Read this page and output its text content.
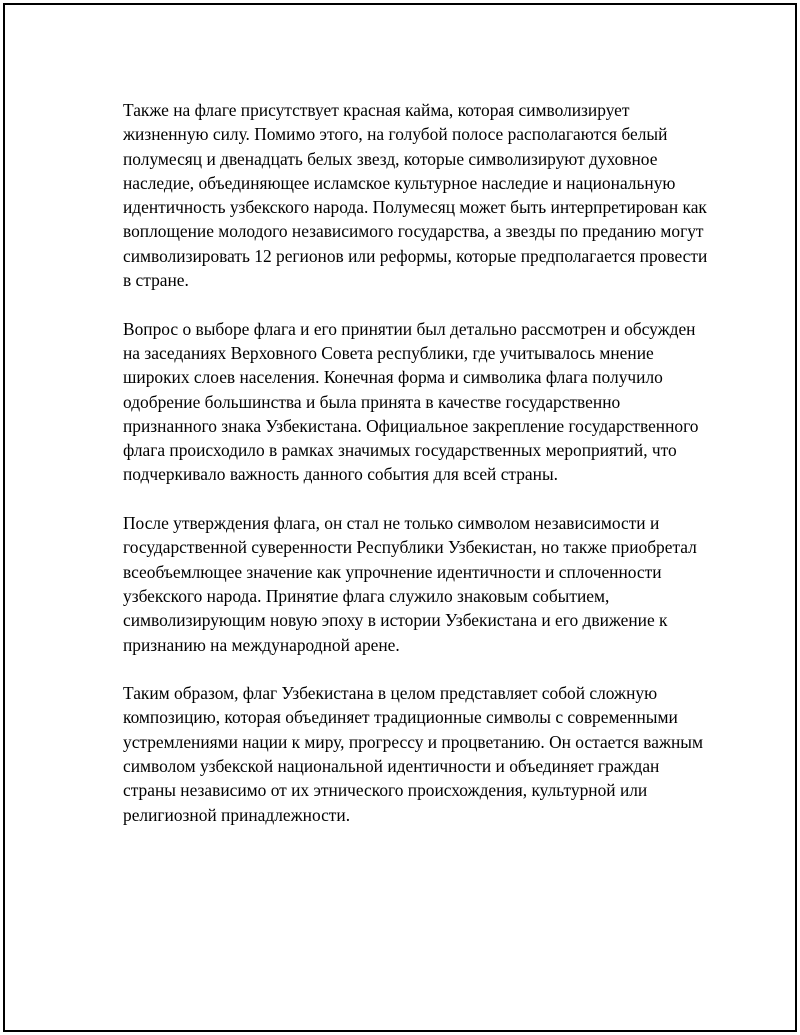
Также на флаге присутствует красная кайма, которая символизирует жизненную силу. Помимо этого, на голубой полосе располагаются белый полумесяц и двенадцать белых звезд, которые символизируют духовное наследие, объединяющее исламское культурное наследие и национальную идентичность узбекского народа. Полумесяц может быть интерпретирован как воплощение молодого независимого государства, а звезды по преданию могут символизировать 12 регионов или реформы, которые предполагается провести в стране.

Вопрос о выборе флага и его принятии был детально рассмотрен и обсужден на заседаниях Верховного Совета республики, где учитывалось мнение широких слоев населения. Конечная форма и символика флага получило одобрение большинства и была принята в качестве государственно признанного знака Узбекистана. Официальное закрепление государственного флага происходило в рамках значимых государственных мероприятий, что подчеркивало важность данного события для всей страны.

После утверждения флага, он стал не только символом независимости и государственной суверенности Республики Узбекистан, но также приобретал всеобъемлющее значение как упрочнение идентичности и сплоченности узбекского народа. Принятие флага служило знаковым событием, символизирующим новую эпоху в истории Узбекистана и его движение к признанию на международной арене.

Таким образом, флаг Узбекистана в целом представляет собой сложную композицию, которая объединяет традиционные символы с современными устремлениями нации к миру, прогрессу и процветанию. Он остается важным символом узбекской национальной идентичности и объединяет граждан страны независимо от их этнического происхождения, культурной или религиозной принадлежности.
